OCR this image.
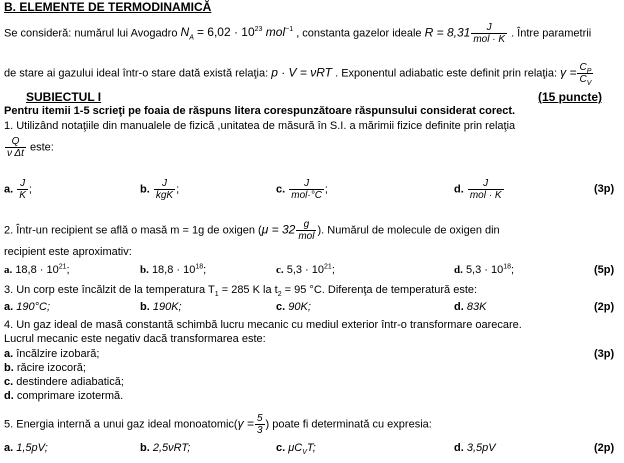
B. ELEMENTE DE TERMODINAMICĂ
Se consideră: numărul lui Avogadro $N_A = 6,02 \cdot 10^{23}$ mol$^{-1}$ , constanta gazelor ideale $R = 8,31 \frac{J}{\text{mol · K}}$ . Între parametrii
de stare ai gazului ideal într-o stare dată există relaţia: p · V = νRT . Exponentul adiabatic este definit prin relaţia: $\gamma = \frac{C_P}{C_V}$
SUBIECTUL I	(15 puncte)
Pentru itemii 1-5 scrieţi pe foaia de răspuns litera corespunzătoare răspunsului considerat corect.
1. Utilizând notaţiile din manualele de fizică ,unitatea de măsură în S.I. a mărimii fizice definite prin relaţia
$\frac{Q}{\text{ν Δt}}$ este:
a. $\frac{J}{K}$ ;	b. $\frac{J}{\text{kgK}}$ ;	c. $\frac{J}{\text{mol·°C}}$ ;	d. $\frac{J}{\text{mol · K}}$	(3p)
2. Într-un recipient se află o masă m = 1g de oxigen ($\mu = 32 \frac{g}{\text{mol}}$ ). Numărul de molecule de oxigen din
recipient este aproximativ:
a. $18,8 \cdot 10^{21}$;	b. $18,8 \cdot 10^{18}$;	c. $5,3 \cdot 10^{21}$;	d. $5,3 \cdot 10^{18}$;	(5p)
3. Un corp este încălzit de la temperatura $T_1 = 285$ K la $t_2 = 95$ °C. Diferenţa de temperatură este:
a. 190°C;	b. 190K;	c. 90K;	d. 83K	(2p)
4. Un gaz ideal de masă constantă schimbă lucru mecanic cu mediul exterior într-o transformare oarecare.
Lucrul mecanic este negativ dacă transformarea este:
a. încălzire izobară;
b. răcire izocoră;
c. destindere adiabatică;
d. comprimare izotermă.
(3p)
5. Energia internă a unui gaz ideal monoatomic(γ = $\frac{5}{3}$ ) poate fi determinată cu expresia:
a. 1,5pV;	b. 2,5νRT;	c. $\mu C_VT$;	d. 3,5pV	(2p)
